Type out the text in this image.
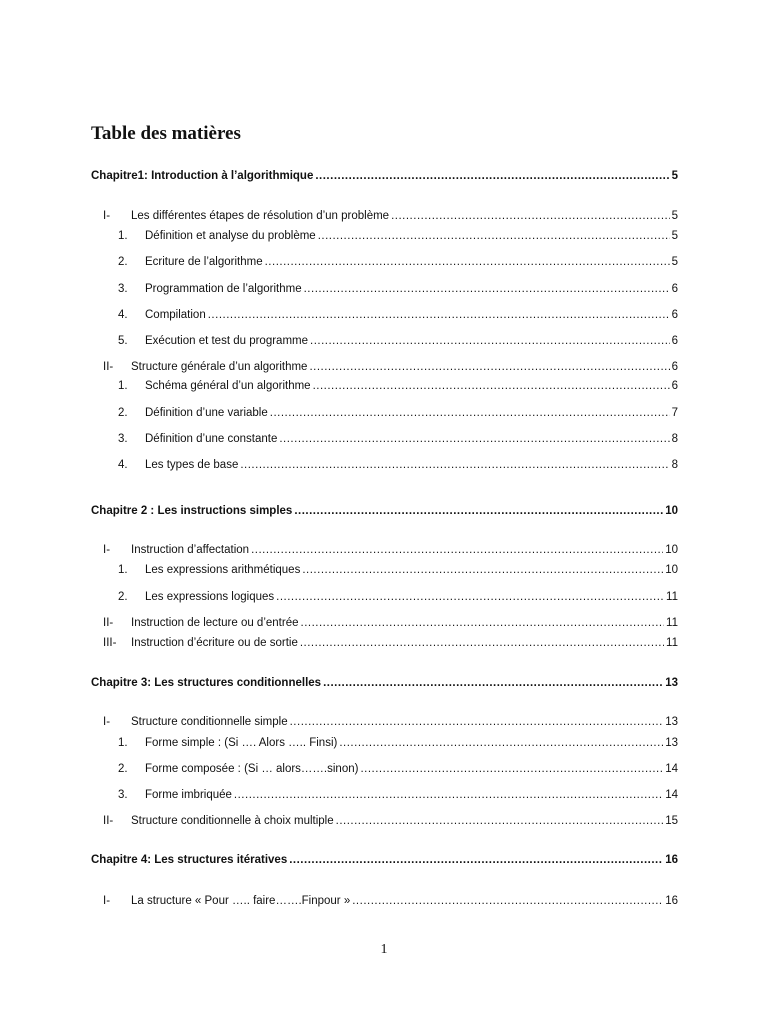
Table des matières
Chapitre1: Introduction à l’algorithmique .....	5
I-	Les différentes étapes de résolution d’un problème .....	5
1.	Définition et analyse du problème .....	5
2.	Ecriture de l’algorithme .....	5
3.	Programmation de l’algorithme .....	6
4.	Compilation .....	6
5.	Exécution et test du programme .....	6
II-	Structure générale d’un algorithme .....	6
1.	Schéma général d’un algorithme .....	6
2.	Définition d’une variable .....	7
3.	Définition d’une constante .....	8
4.	Les types de base .....	8
Chapitre 2 : Les instructions simples .....	10
I-	Instruction d’affectation .....	10
1.	Les expressions arithmétiques .....	10
2.	Les expressions logiques .....	11
II-	Instruction de lecture ou d’entrée .....	11
III-	Instruction d’écriture ou de sortie .....	11
Chapitre 3: Les structures conditionnelles .....	13
I-	Structure conditionnelle simple .....	13
1.	Forme simple : (Si …. Alors ….. Finsi) .....	13
2.	Forme composée : (Si … alors…….sinon) .....	14
3.	Forme imbriquée .....	14
II-	Structure conditionnelle à choix multiple .....	15
Chapitre 4: Les structures itératives .....	16
I-	La structure « Pour ….. faire…….Finpour » .....	16
1
